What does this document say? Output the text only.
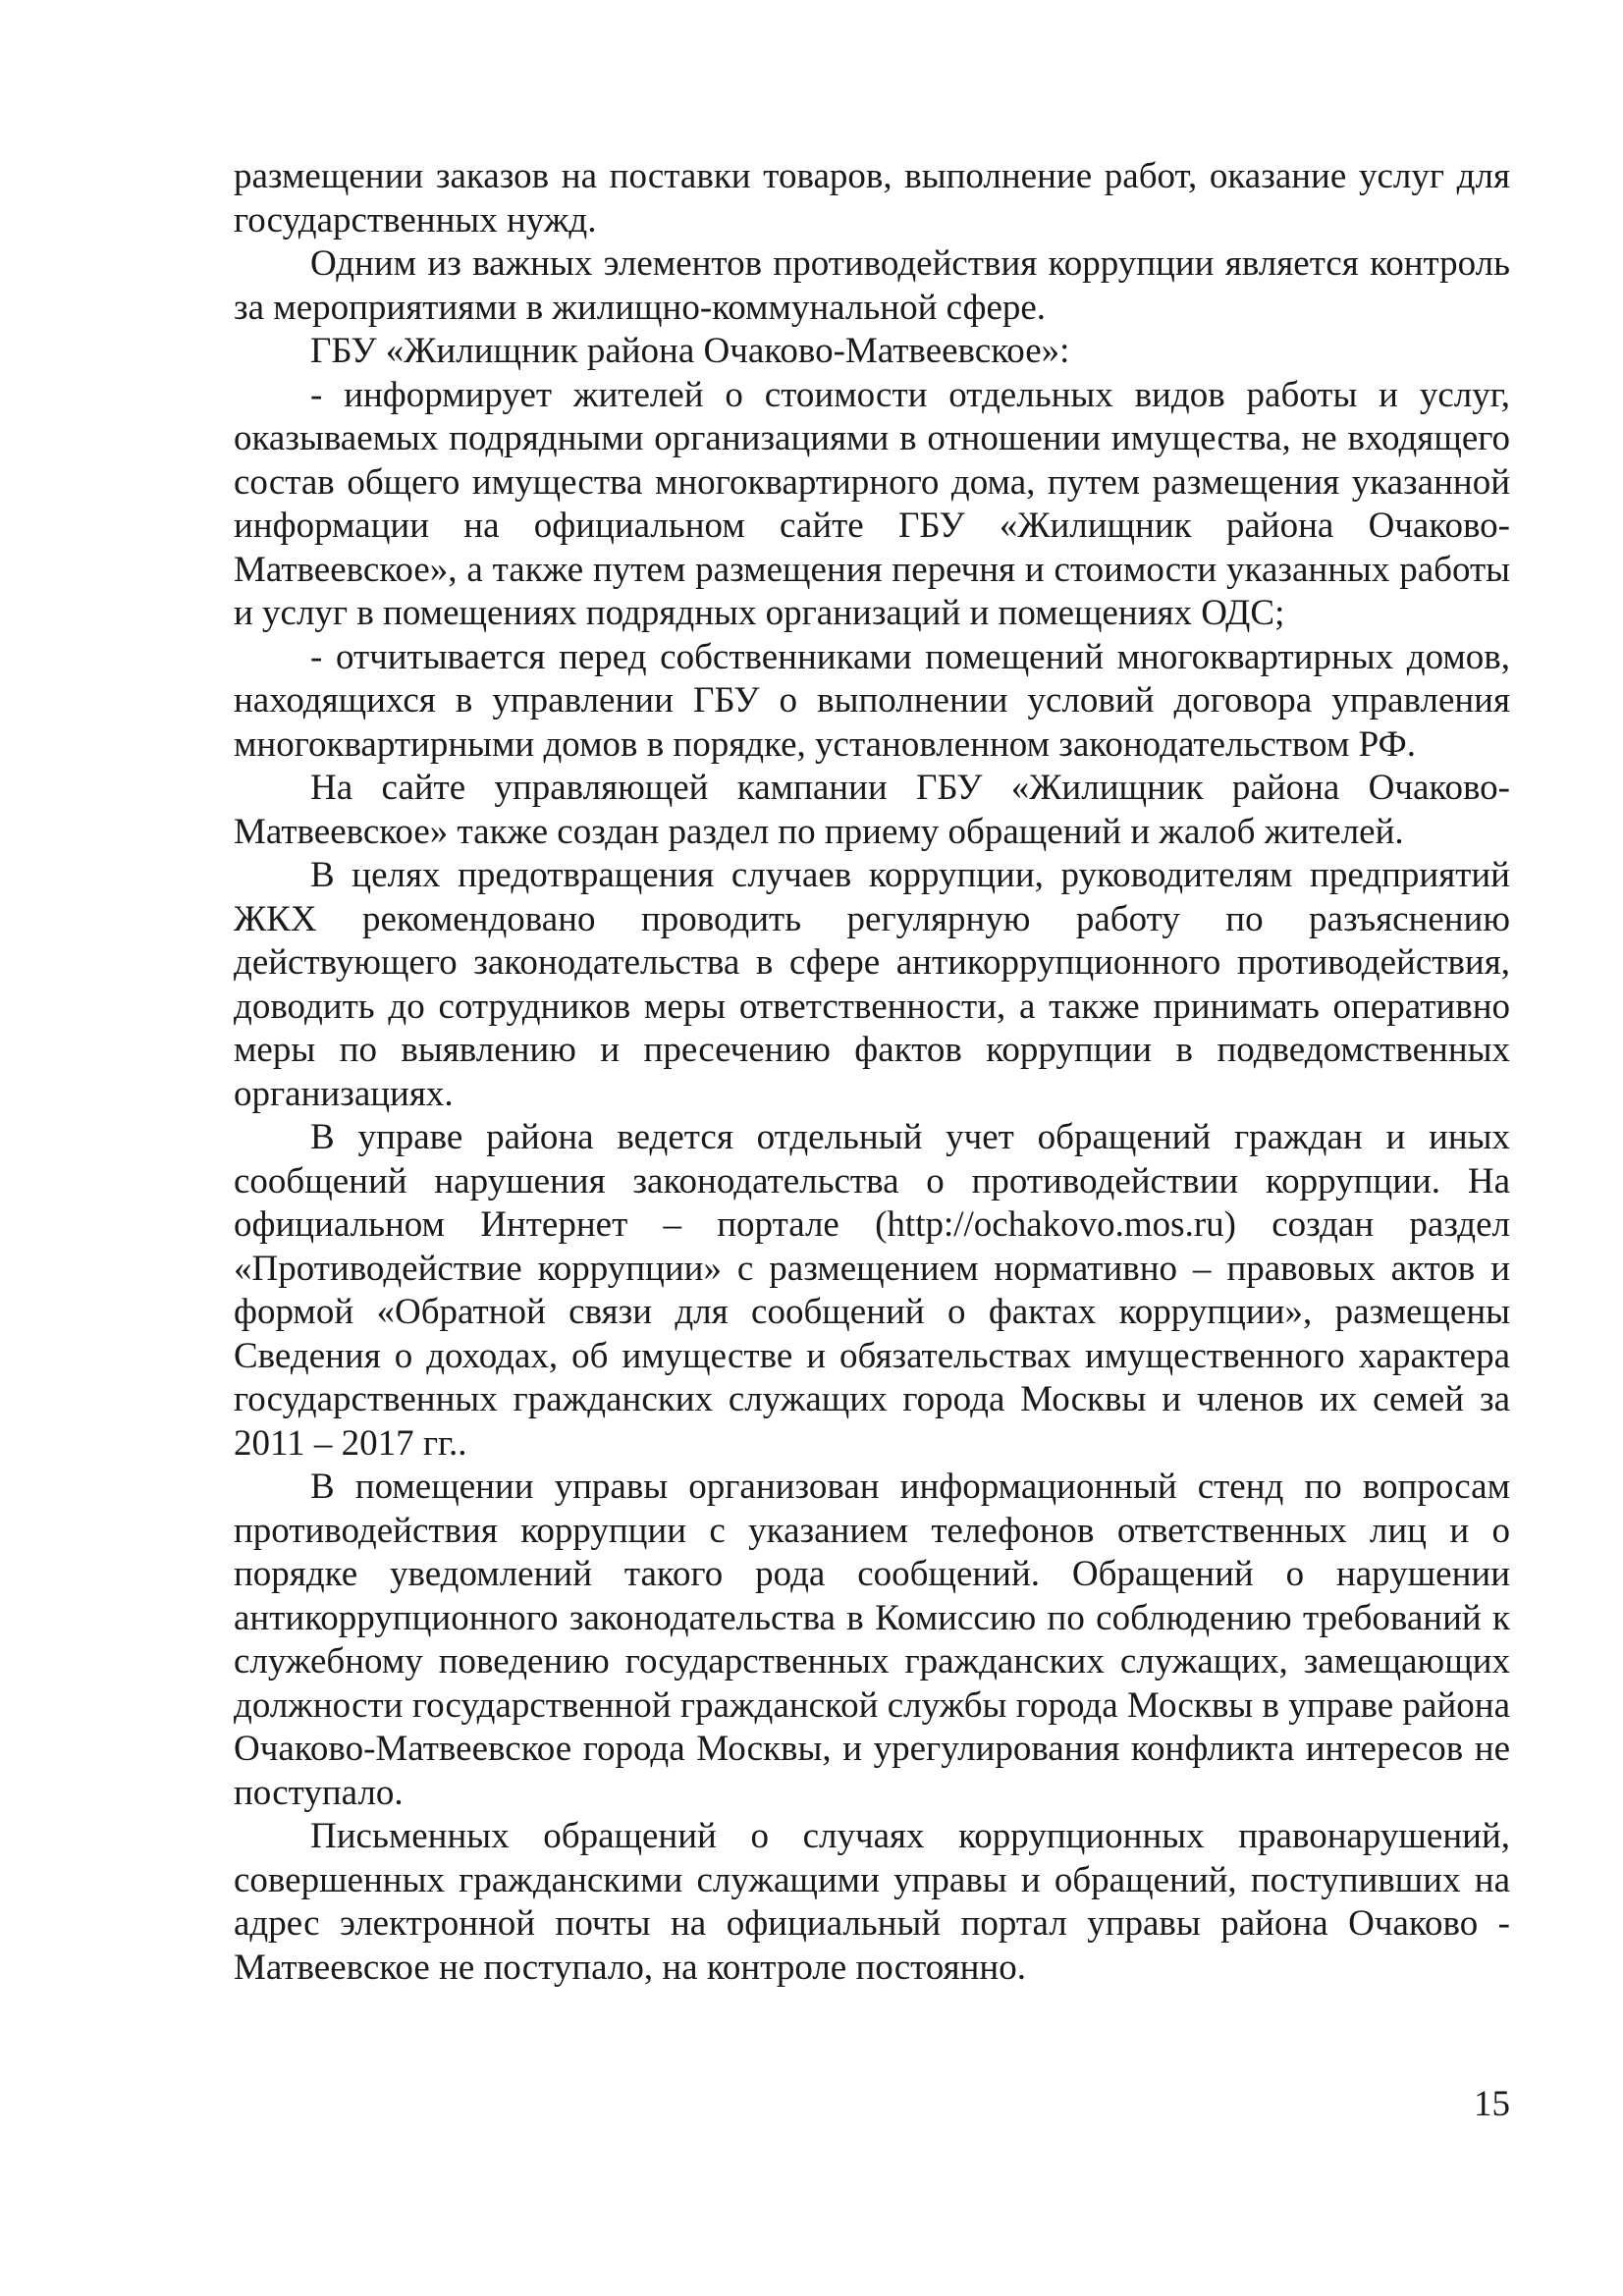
размещении заказов на поставки товаров, выполнение работ, оказание услуг для государственных нужд.

Одним из важных элементов противодействия коррупции является контроль за мероприятиями в жилищно-коммунальной сфере.

ГБУ «Жилищник района Очаково-Матвеевское»:

- информирует жителей о стоимости отдельных видов работы и услуг, оказываемых подрядными организациями в отношении имущества, не входящего состав общего имущества многоквартирного дома, путем размещения указанной информации на официальном сайте ГБУ «Жилищник района Очаково-Матвеевское», а также путем размещения перечня и стоимости указанных работы и услуг в помещениях подрядных организаций и помещениях ОДС;

- отчитывается перед собственниками помещений многоквартирных домов, находящихся в управлении ГБУ о выполнении условий договора управления многоквартирными домов в порядке, установленном законодательством РФ.

На сайте управляющей кампании ГБУ «Жилищник района Очаково-Матвеевское» также создан раздел по приему обращений и жалоб жителей.

В целях предотвращения случаев коррупции, руководителям предприятий ЖКХ рекомендовано проводить регулярную работу по разъяснению действующего законодательства в сфере антикоррупционного противодействия, доводить до сотрудников меры ответственности, а также принимать оперативно меры по выявлению и пресечению фактов коррупции в подведомственных организациях.

В управе района ведется отдельный учет обращений граждан и иных сообщений нарушения законодательства о противодействии коррупции. На официальном Интернет – портале (http://ochakovo.mos.ru) создан раздел «Противодействие коррупции» с размещением нормативно – правовых актов и формой «Обратной связи для сообщений о фактах коррупции», размещены Сведения о доходах, об имуществе и обязательствах имущественного характера государственных гражданских служащих города Москвы и членов их семей за 2011 – 2017 гг..

В помещении управы организован информационный стенд по вопросам противодействия коррупции с указанием телефонов ответственных лиц и о порядке уведомлений такого рода сообщений. Обращений о нарушении антикоррупционного законодательства в Комиссию по соблюдению требований к служебному поведению государственных гражданских служащих, замещающих должности государственной гражданской службы города Москвы в управе района Очаково-Матвеевское города Москвы, и урегулирования конфликта интересов не поступало.

Письменных обращений о случаях коррупционных правонарушений, совершенных гражданскими служащими управы и обращений, поступивших на адрес электронной почты на официальный портал управы района Очаково - Матвеевское не поступало, на контроле постоянно.

15
